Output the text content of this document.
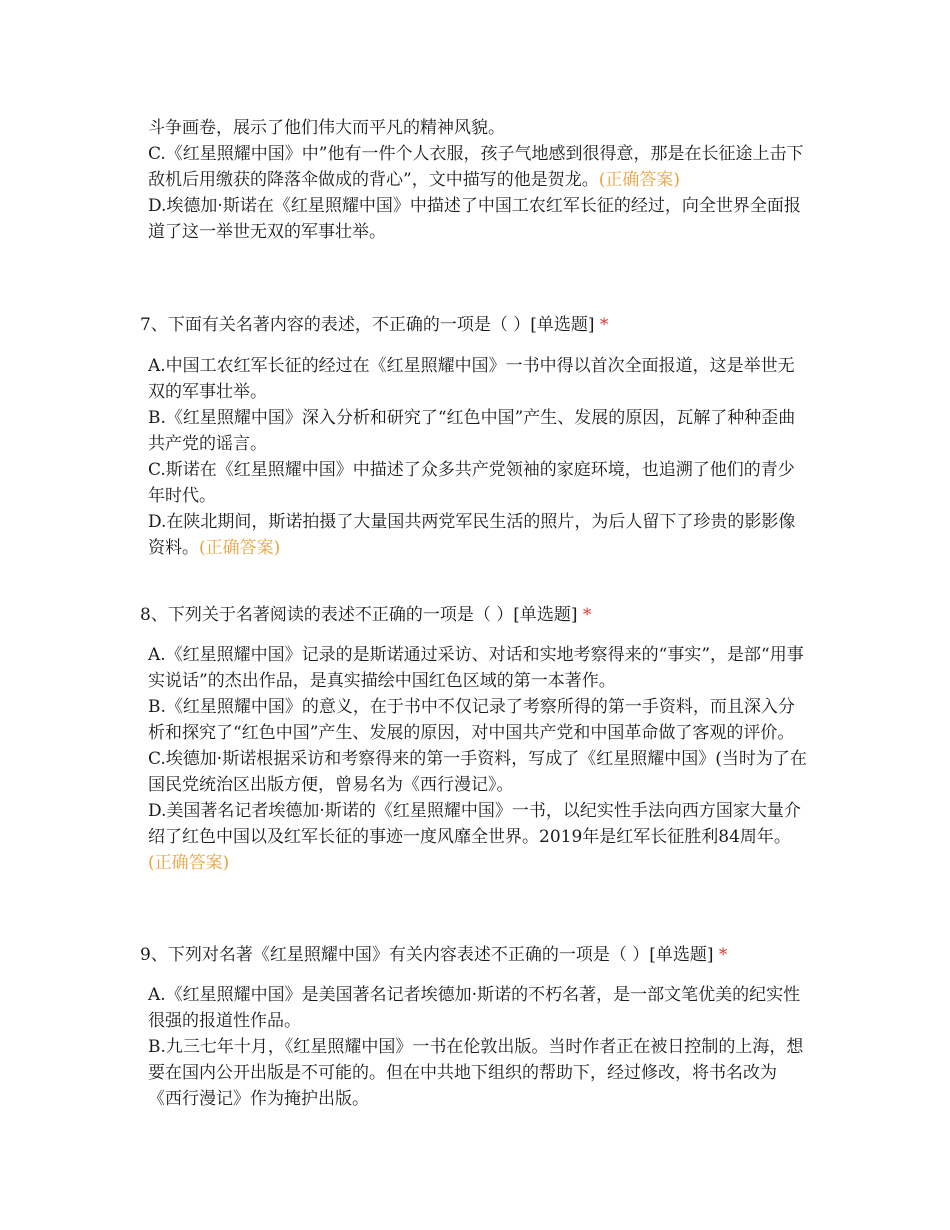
斗争画卷，展示了他们伟大而平凡的精神风貌。

C.《红星照耀中国》中”他有一件个人衣服，孩子气地感到很得意，那是在长征途上击下敌机后用缴获的降落伞做成的背心”，文中描写的他是贺龙。(正确答案)

D.埃德加·斯诺在《红星照耀中国》中描述了中国工农红军长征的经过，向全世界全面报道了这一举世无双的军事壮举。

7、下面有关名著内容的表述，不正确的一项是（ ）[单选题] *

A.中国工农红军长征的经过在《红星照耀中国》一书中得以首次全面报道，这是举世无双的军事壮举。

B.《红星照耀中国》深入分析和研究了“红色中国”产生、发展的原因，瓦解了种种歪曲共产党的谣言。

C.斯诺在《红星照耀中国》中描述了众多共产党领袖的家庭环境，也追溯了他们的青少年时代。

D.在陕北期间，斯诺拍摄了大量国共两党军民生活的照片，为后人留下了珍贵的影影像资料。(正确答案)

8、下列关于名著阅读的表述不正确的一项是（ ）[单选题] *

A.《红星照耀中国》记录的是斯诺通过采访、对话和实地考察得来的“事实”，是部“用事实说话”的杰出作品，是真实描绘中国红色区域的第一本著作。

B.《红星照耀中国》的意义，在于书中不仅记录了考察所得的第一手资料，而且深入分析和探究了“红色中国”产生、发展的原因，对中国共产党和中国革命做了客观的评价。

C.埃德加·斯诺根据采访和考察得来的第一手资料，写成了《红星照耀中国》(当时为了在国民党统治区出版方便，曾易名为《西行漫记》。

D.美国著名记者埃德加·斯诺的《红星照耀中国》一书，以纪实性手法向西方国家大量介绍了红色中国以及红军长征的事迹一度风靡全世界。2019年是红军长征胜利84周年。(正确答案)

9、下列对名著《红星照耀中国》有关内容表述不正确的一项是（ ）[单选题] *

A.《红星照耀中国》是美国著名记者埃德加·斯诺的不朽名著，是一部文笔优美的纪实性很强的报道性作品。

B.九三七年十月，《红星照耀中国》一书在伦敦出版。当时作者正在被日控制的上海，想要在国内公开出版是不可能的。但在中共地下组织的帮助下，经过修改，将书名改为《西行漫记》作为掩护出版。
